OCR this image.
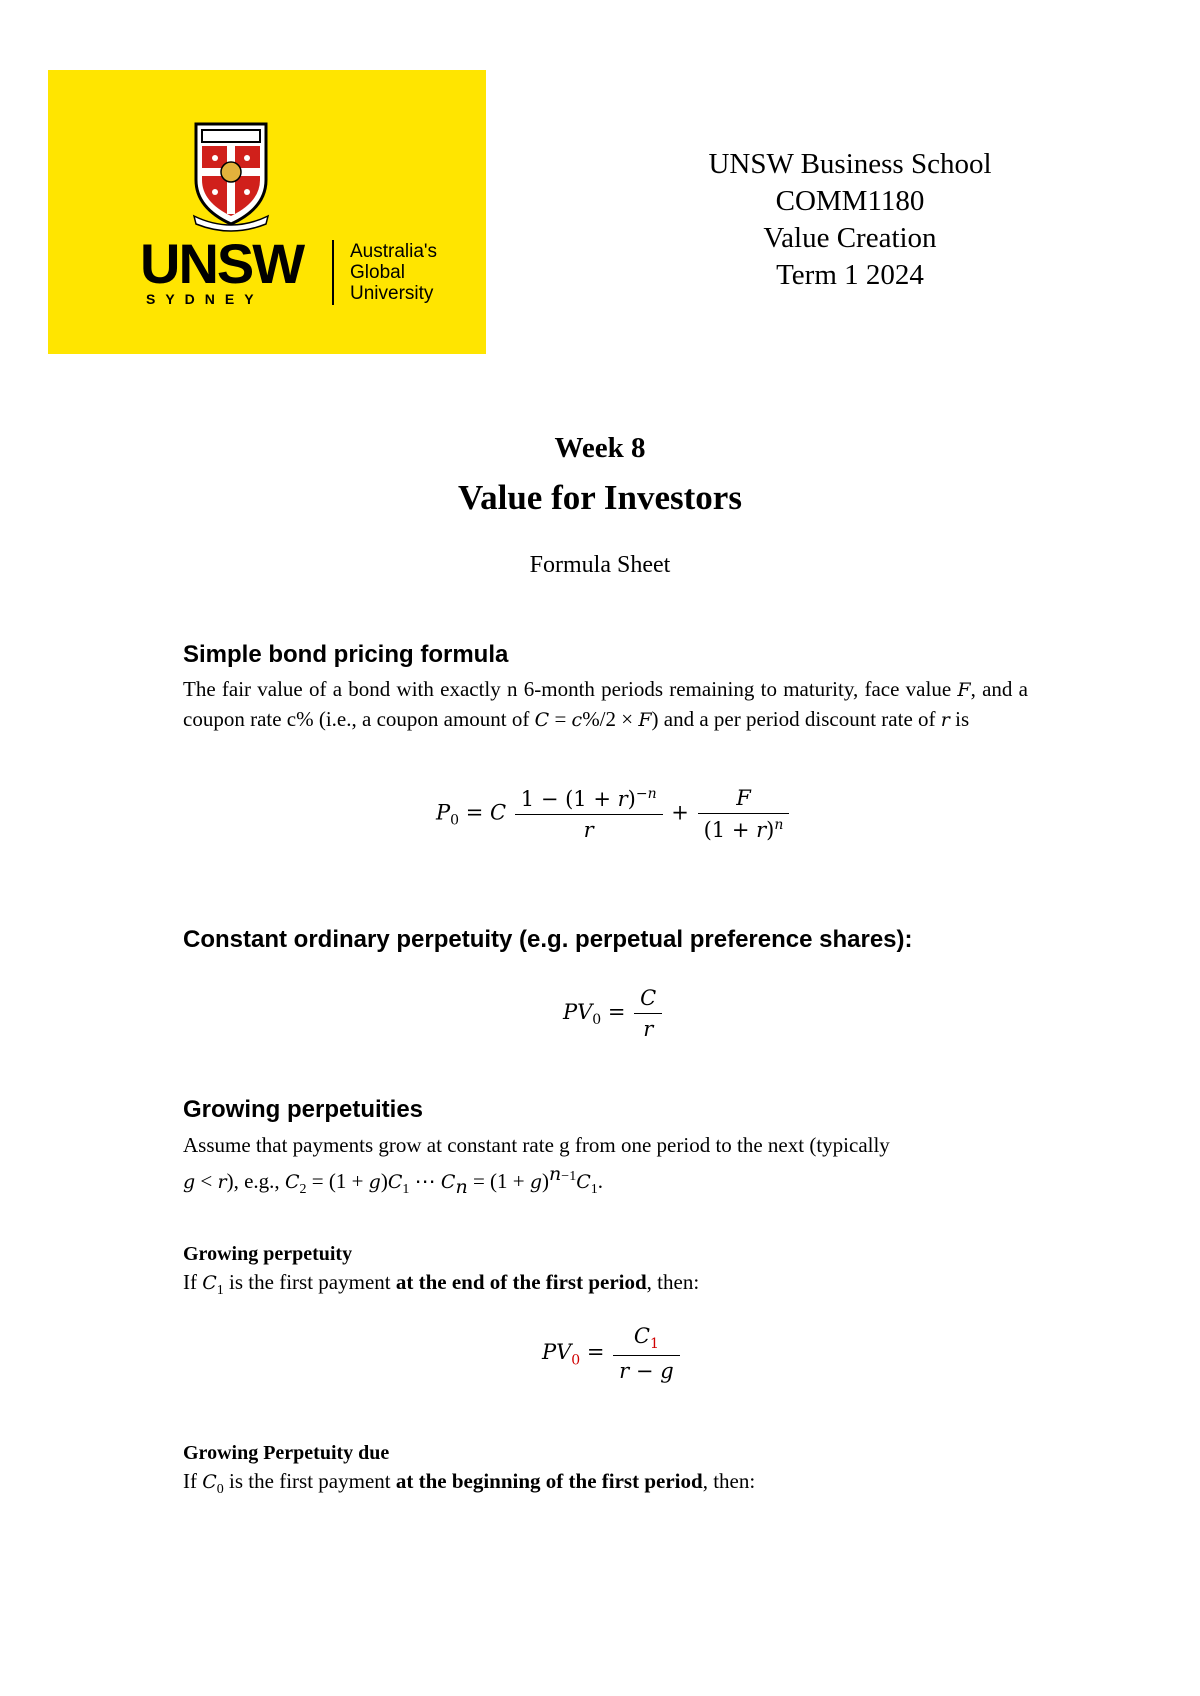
UNSW
SYDNEY
Australia's
Global
University
UNSW Business School
COMM1180
Value Creation
Term 1 2024
Week 8
Value for Investors
Formula Sheet
Simple bond pricing formula
The fair value of a bond with exactly n 6-month periods remaining to maturity, face value F, and a coupon rate c% (i.e., a coupon amount of C = c%/2 × F) and a per period discount rate of r is
$P_0 = C \frac{1 - (1 + r)^{-n}}{r} + \frac{F}{(1 + r)^n}$
Constant ordinary perpetuity (e.g. perpetual preference shares):
$PV_0 = \frac{C}{r}$
Growing perpetuities
Assume that payments grow at constant rate g from one period to the next (typically
g < r), e.g., $C_2 = (1 + g)C_1$ ⋯ $C_n = (1 + g)^{n-1}C_1$.
Growing perpetuity
If $C_1$ is the first payment at the end of the first period, then:
$PV_0 = \frac{C_1}{r - g}$
Growing Perpetuity due
If $C_0$ is the first payment at the beginning of the first period, then:
